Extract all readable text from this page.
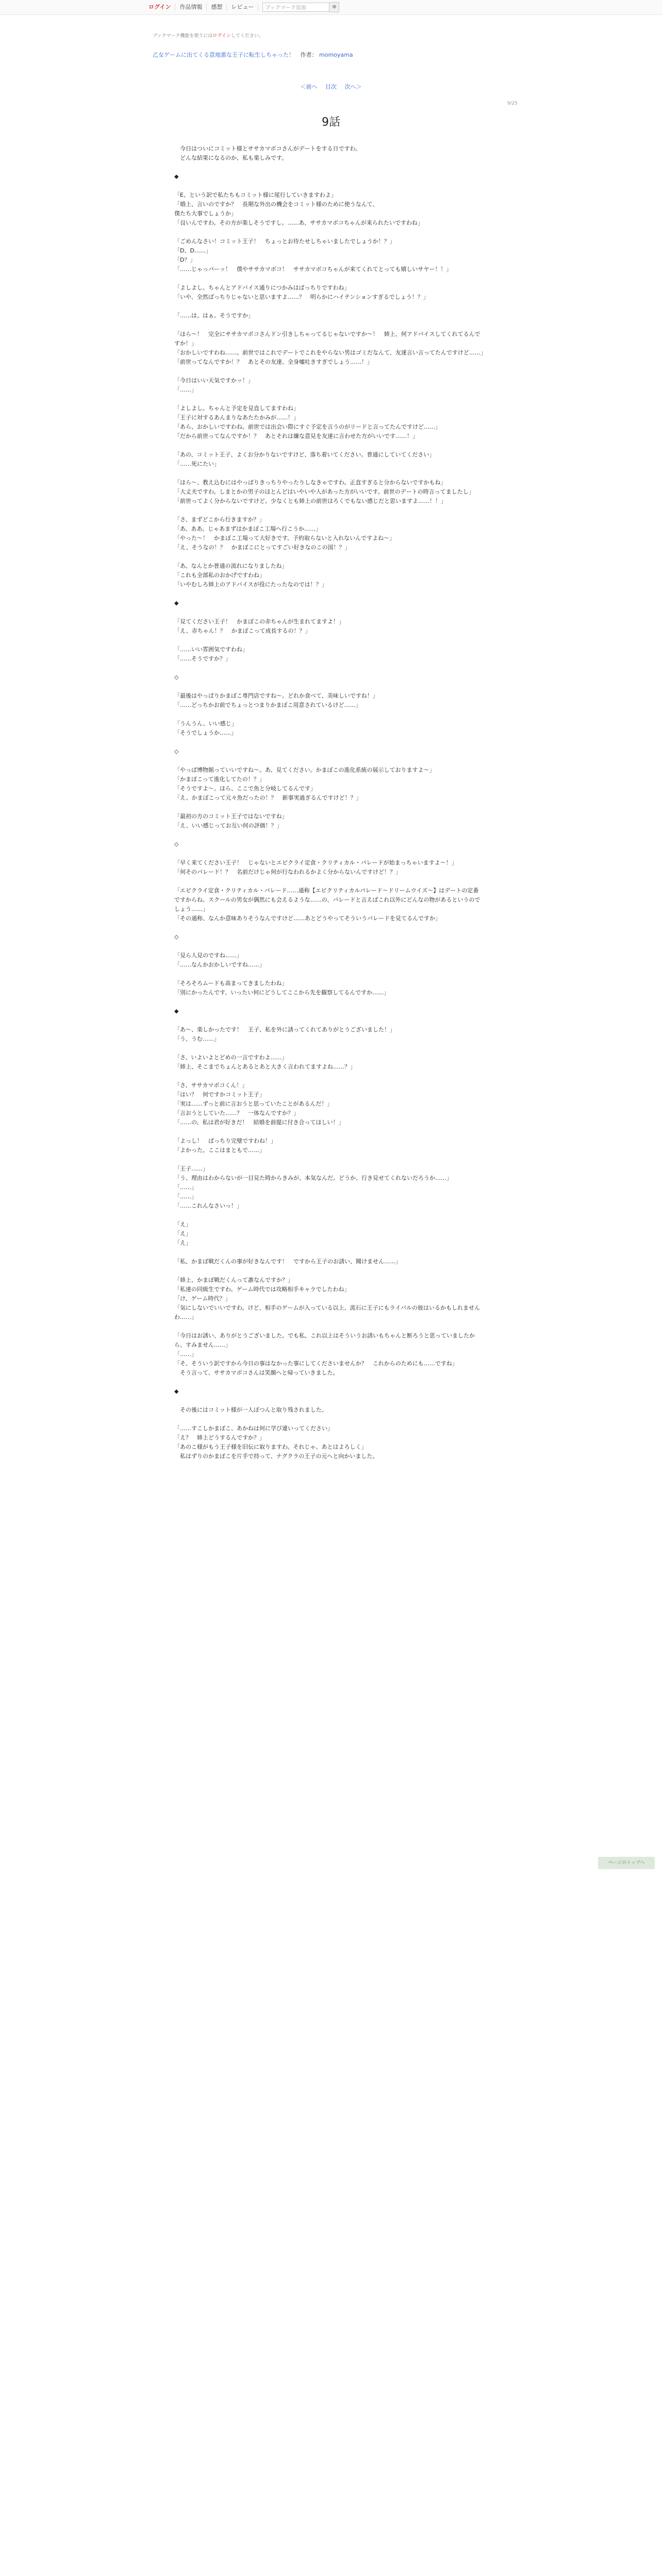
ログイン	作品情報	感想	レビュー	ブックマーク追加	⊕
ブックマーク機能を使うにはログインしてください。
乙女ゲームに出てくる意地悪な王子に転生しちゃった！ 作者： momoyama
＜前へ 目次 次へ＞
9/25
9話

　今日はついにコミット様とササカマボコさんがデートをする日ですわ。

　どんな結果になるのか、私も楽しみです。

◆

「E、という訳で私たちもコミット様に尾行していきますわよ」

「婚上、言いのですか？　長期な外出の機会をコミット様のために使うなんて、

僕たち大事でしょうか」

「良いんですわ。その方が楽しそうですし。……あ、ササカマボコちゃんが来られたいですわね」

「ごめんなさい！コミット王子！　ちょっとお待たせしちゃいましたでしょうか！？」

「D、D……」

「D？」

「……じゃっパーッ！　僕やササカマボコ！　ササカマボコちゃんが来てくれてとっても嬉しいサヤー！！」

「よしよし。ちゃんとアドバイス通りにつかみはばっちりですわね」

「いや、全然ばっちりじゃないと思いますよ……？　明らかにハイテンションすぎるでしょう！？」

「……は、はぁ。そうですか」

「ほら～！　完全にササカマボコさんドン引きしちゃってるじゃないですか～！　姉上、何アドバイスしてくれてるんですか！」

「おかしいですわね……。前世ではこれでデートでこれをやらない男はゴミだなんて、友達言い言ってたんですけど……」

「前世ってなんですか！？　あとその友達、全身嘘吐きすぎでしょう……！」

「今日はいい天気ですかッ！」

「……」

「よしよし。ちゃんと予定を見直してますわね」

「王子に対するあんまりなあたたかみが……！」

「あら、おかしいですわね。前世では出会い際にすぐ予定を言うのがリードと言ってたんですけど……」

「だから前世ってなんですか！？　あとそれは嫌な意見を友達に言わせた方がいいです……！」

「あの、コミット王子、よくお分かりないですけど、落ち着いてください。普通にしていてください」

「……死にたい」

「ほら～、教え込むにはやっぱりきっちりやったりしなきゃですわ。正直すぎると分からないですかもね」

「大丈夫ですわ。しまとかの男子のほとんどはいやいや人があった方がいいです。前世のデートの時言ってましたし」

「前世ってよく分からないですけど、少なくとも姉上の前世はろくでもない感じだと思いますよ……！！」

「さ、まずどこから行きますか？」

「あ、ああ。じゃあまずはかまぼこ工場へ行こうか……」

「やった～！　かまぼこ工場って大好きです。予約取らないと入れないんですよね～」

「え、そうなの！？　かまぼこにとってすごい好きなのこの国！？」

「あ、なんとか普通の流れになりましたね」

「これも全部私のおかげですわね」

「いやむしろ姉上のアドバイスが役にたったなのでは！？」

◆

「見てください王子！　かまぼこの赤ちゃんが生まれてますよ！」

「え、赤ちゃん！？　かまぼこって成長するの！？」

「……いい雰囲気ですわね」

「……そうですか？」

◇

「最後はやっぱりかまぼこ専門店ですね～。どれか食べて、美味しいですね！」

「……どっちかお前でちょっとつまりかまぼこ用意されているけど……」

「うんうん、いい感じ」

「そうでしょうか……」

◇

「やっぱ博物館っていいですね～。あ、見てください。かまぼこの進化系統の展示しておりますよ～」

「かまぼこって進化してたの！？」

「そうですよ～。ほら、ここで魚と分岐してるんです」

「え、かまぼこって元々魚だったの！？　新事実過ぎるんですけど！？」

「最初の方のコミット王子ではないですね」

「え、いい感じってお互い何の評価！？」

◇

「早く来てください王子！　じゃないとエピクライ定食・クリティカル・パレードが始まっちゃいますよ～！」

「何そのパレード！？　名前だけじゃ何が行なわれるかよく分からないんですけど！？」

「エピクライ定食・クリティカル・パレード……通称【エピクリティカルパレード～ドリームウイズ～】はデートの定番ですからね。スクールの男女が偶然にも会えるような……の、パレードと言えばこれ以外にどんなの物があるというのでしょう……」

「その通称、なんか意味ありそうなんですけど……あとどうやってそういうパレードを見てるんですか」

◇

「見ら人見のですね……」

「……なんかおかしいですね……」

「そろそろムードも高まってきましたわね」

「別にかったんです、いったい何にどうしてここから先を観察してるんですか……」

◆

「あ～、楽しかったです！　王子、私を外に誘ってくれてありがとうございました！」

「う、うむ……」

「さ、いよいよとどめの一言ですわよ……」

「姉上、そこまでちょんとあるとあと大きく言われてますよね……？」

「さ、ササカマボコくん！」

「はい？　何ですかコミット王子」

「実は……ずっと前に言おうと思っていたことがあるんだ！」

「言おうとしていた……？　一体なんですか？」

「……の、私は君が好きだ！　結婚を前提に付き合ってほしい！」

「よっし！　ばっちり完璧ですわね！」

「よかった。ここはまともで……」

「王子……」

「う、理由はわからないが一目見た時からきみが、本気なんだ。どうか、行き見せてくれないだろうか……」

「……」

「……」

「……これんなさいっ！」

「え」

「え」

「え」

「私、かまぼ戦だくんの事が好きなんです！　ですから王子のお誘い、聞けません……」

「姉上、かまぼ戦だくんって誰なんですか？」

「私達の同級生ですわ。ゲーム時代では攻略相手キャラでしたわね」

「け、ゲーム時代？」

「気にしないでいいですわ。けど、相手のゲームが入っている以上、流石に王子にもライバルの彼はいるかもしれませんわ……」

「今日はお誘い、ありがとうございました。でも私、これ以上はそういうお誘いもちゃんと断ろうと思っていましたから、すみません……」

「……」

「そ、そういう訳ですから今日の事はなかった事にしてくださいませんか？　これからのためにも……ですね」

　そう言って、ササカマボコさんは笑顔へと帰っていきました。

◆

　その後にはコミット様が一人ぽつんと取り残されました。

「……すこしかまぼこ、あかねは何に学び違いってください」

「え？　姉上どうするんですか？」

「あのこ様がもう王子様を旧伝に取りますわ。それじゃ、あとはよろしく」

　私はずりのかまぼこを片手で持って、ナグクラの王子の元へと向かいました。

ページのトップへ
